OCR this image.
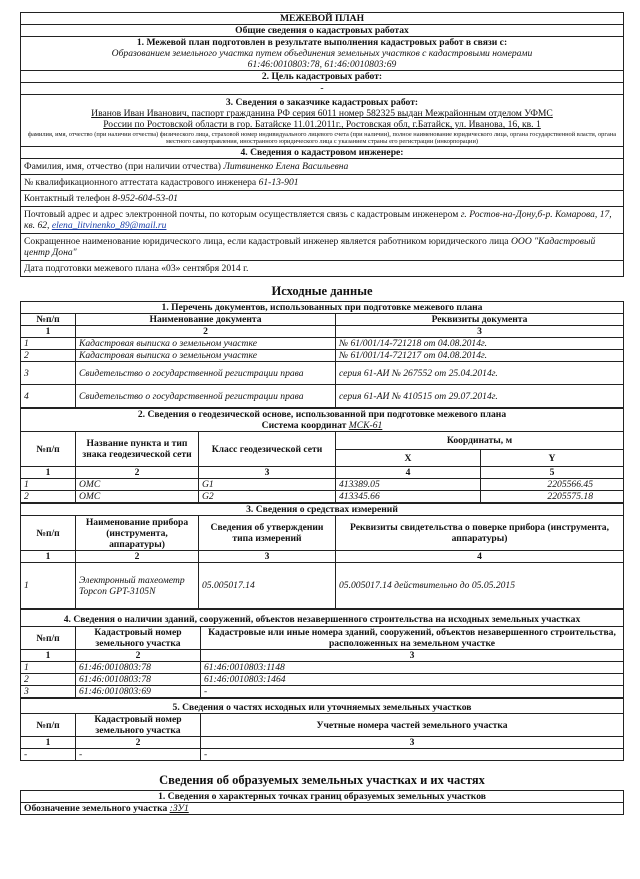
МЕЖЕВОЙ ПЛАН
Общие сведения о кадастровых работах

1. Межевой план подготовлен в результате выполнения кадастровых работ в связи с:
Образованием земельного участка путем объединения земельных участков с кадастровыми номерами
61:46:0010803:78, 61:46:0010803:69

2. Цель кадастровых работ:
-

3. Сведения о заказчике кадастровых работ:
Иванов Иван Иванович, паспорт гражданина РФ серия 6011 номер 582325 выдан Межрайонным отделом УФМС
России по Ростовской области в гор. Батайске 11.01.2011г., Ростовская обл, г.Батайск, ул. Иванова, 16, кв. 1
фамилия, имя, отчество (при наличии отчества) физического лица, страховой номер индивидуального лицевого счета (при наличии), полное наименование юридического лица, органа государственной власти, органа местного самоуправления, иностранного юридического лица с указанием страны его регистрации (инкорпорации)

4. Сведения о кадастровом инженере:
Фамилия, имя, отчество (при наличии отчества) Литвиненко Елена Васильевна
№ квалификационного аттестата кадастрового инженера 61-13-901
Контактный телефон 8-952-604-53-01
Почтовый адрес и адрес электронной почты, по которым осуществляется связь с кадастровым инженером г. Ростов-на-Дону,б-р. Комарова, 17, кв. 62, elena_litvinenko_89@mail.ru
Сокращенное наименование юридического лица, если кадастровый инженер является работником юридического лица ООО "Кадастровый центр Дона"
Дата подготовки межевого плана «03» сентября 2014 г.
Исходные данные
1. Перечень документов, использованных при подготовке межевого плана		
№п/п	Наименование документа	Реквизиты документа
1	2	3
1	Кадастровая выписка о земельном участке	№ 61/001/14-721218 от 04.08.2014г.
2	Кадастровая выписка о земельном участке	№ 61/001/14-721217 от 04.08.2014г.
3	Свидетельство о государственной регистрации права	серия 61-АИ № 267552 от 25.04.2014г.
4	Свидетельство о государственной регистрации права	серия 61-АИ № 410515 от 29.07.2014г.
2. Сведения о геодезической основе, использованной при подготовке межевого плана
Система координат МСК-61				

№п/п	Название пункта и тип знака геодезической сети	Класс геодезической сети	Координаты, м	
			X	Y
1	2	3	4	5
1	ОМС	G1	413389.05	2205566.45
2	ОМС	G2	413345.66	2205575.18
3. Сведения о средствах измерений			
№п/п	Наименование прибора (инструмента, аппаратуры)	Сведения об утверждении типа измерений	Реквизиты свидетельства о поверке прибора (инструмента, аппаратуры)
1	2	3	4
1	Электронный тахеометр Topcon GPT-3105N	05.005017.14	05.005017.14 действительно до 05.05.2015
4. Сведения о наличии зданий, сооружений, объектов незавершенного строительства на исходных земельных участках		
№п/п	Кадастровый номер земельного участка	Кадастровые или иные номера зданий, сооружений, объектов незавершенного строительства, расположенных на земельном участке
1	2	3
1	61:46:0010803:78	61:46:0010803:1148
2	61:46:0010803:78	61:46:0010803:1464
3	61:46:0010803:69	-
5. Сведения о частях исходных или уточняемых земельных участков		
№п/п	Кадастровый номер земельного участка	Учетные номера частей земельного участка
1	2	3
-	-	-
Сведения об образуемых земельных участках и их частях
1. Сведения о характерных точках границ образуемых земельных участков
Обозначение земельного участка :ЗУ1
